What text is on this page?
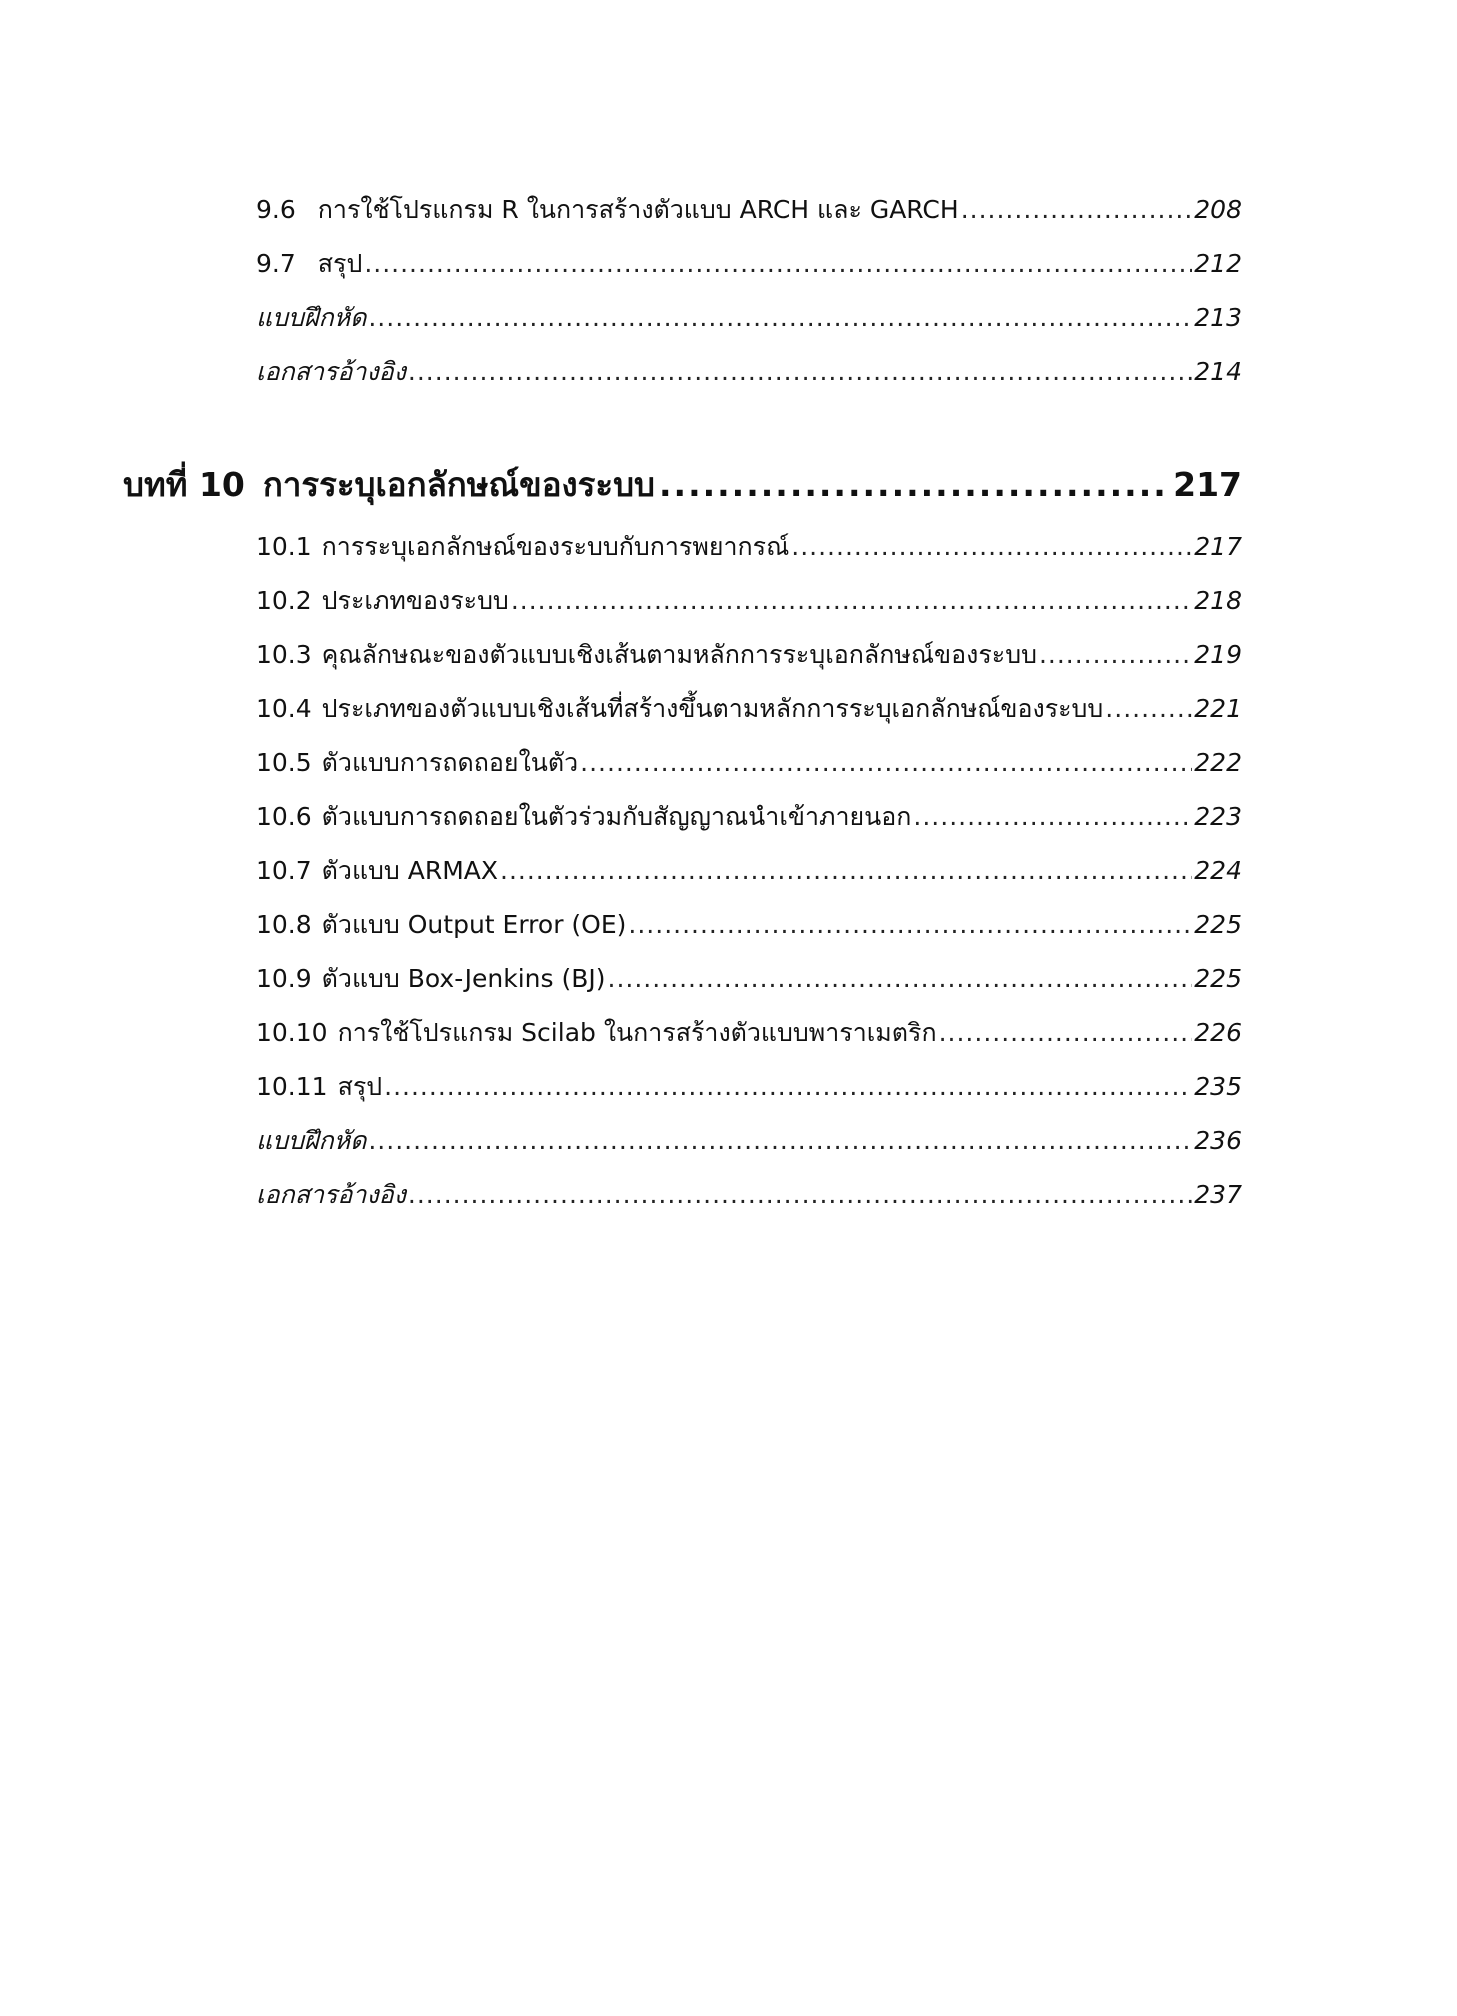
9.6 การใช้โปรแกรม R ในการสร้างตัวแบบ ARCH และ GARCH .....	208
9.7 สรุป .....	212
แบบฝึกหัด .....	213
เอกสารอ้างอิง .....	214
บทที่ 10 การระบุเอกลักษณ์ของระบบ .....	217
10.1 การระบุเอกลักษณ์ของระบบกับการพยากรณ์ .....	217
10.2 ประเภทของระบบ .....	218
10.3 คุณลักษณะของตัวแบบเชิงเส้นตามหลักการระบุเอกลักษณ์ของระบบ .....	219
10.4 ประเภทของตัวแบบเชิงเส้นที่สร้างขึ้นตามหลักการระบุเอกลักษณ์ของระบบ .....	221
10.5 ตัวแบบการถดถอยในตัว .....	222
10.6 ตัวแบบการถดถอยในตัวร่วมกับสัญญาณนำเข้าภายนอก .....	223
10.7 ตัวแบบ ARMAX .....	224
10.8 ตัวแบบ Output Error (OE) .....	225
10.9 ตัวแบบ Box-Jenkins (BJ) .....	225
10.10 การใช้โปรแกรม Scilab ในการสร้างตัวแบบพาราเมตริก .....	226
10.11 สรุป .....	235
แบบฝึกหัด .....	236
เอกสารอ้างอิง .....	237
